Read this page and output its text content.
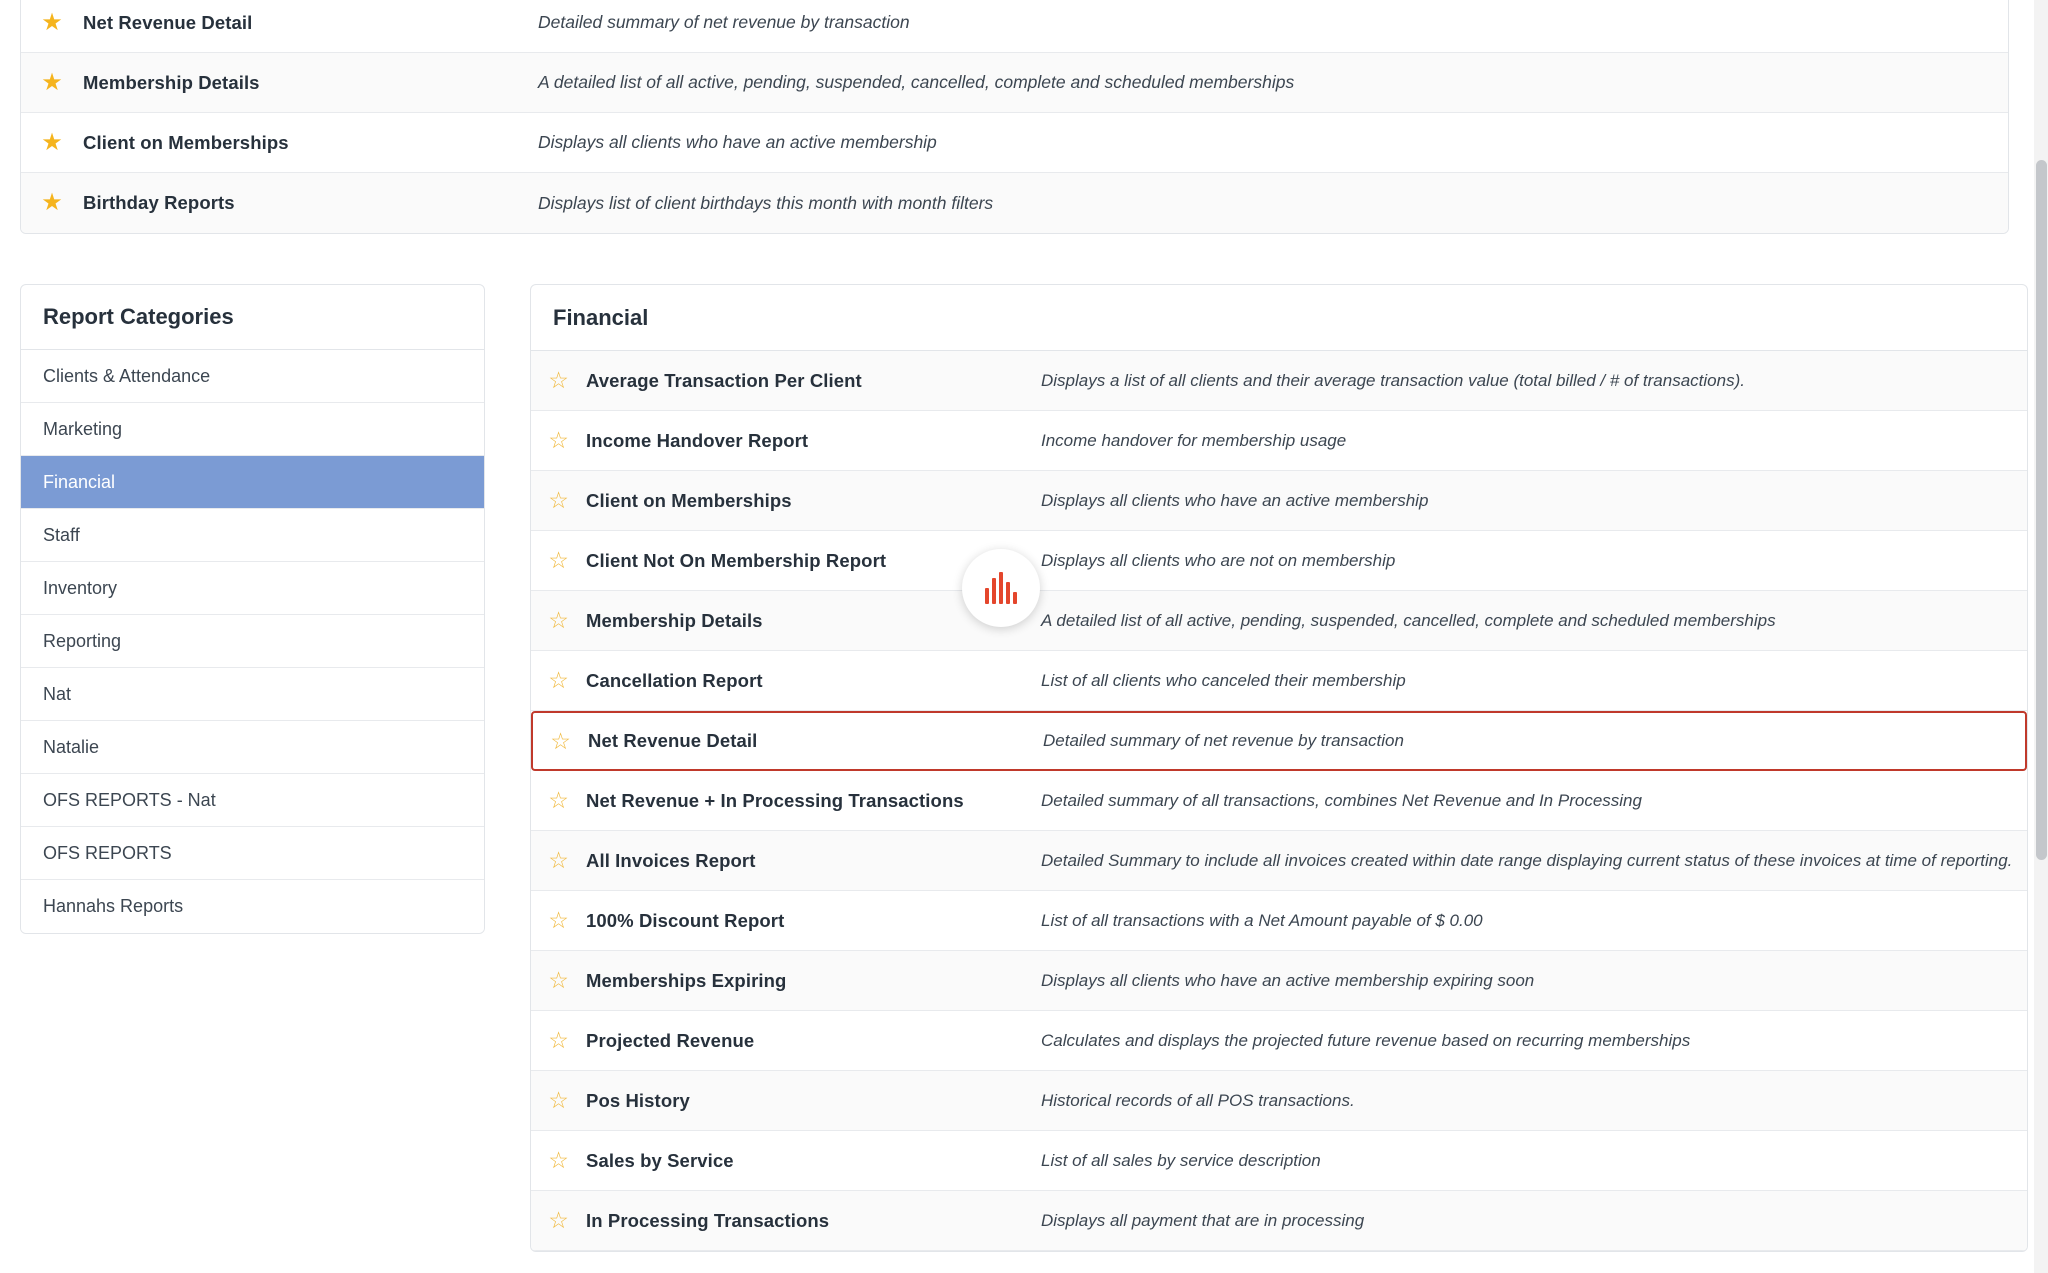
★	Net Revenue Detail	Detailed summary of net revenue by transaction
★	Membership Details	A detailed list of all active, pending, suspended, cancelled, complete and scheduled memberships
★	Client on Memberships	Displays all clients who have an active membership
★	Birthday Reports	Displays list of client birthdays this month with month filters
Report Categories
Clients & Attendance
Marketing
Financial
Staff
Inventory
Reporting
Nat
Natalie
OFS REPORTS - Nat
OFS REPORTS
Hannahs Reports
Financial
☆ Average Transaction Per Client	Displays a list of all clients and their average transaction value (total billed / # of transactions).
☆ Income Handover Report	Income handover for membership usage
☆ Client on Memberships	Displays all clients who have an active membership
☆ Client Not On Membership Report	Displays all clients who are not on membership
☆ Membership Details	A detailed list of all active, pending, suspended, cancelled, complete and scheduled memberships
☆ Cancellation Report	List of all clients who canceled their membership
☆ Net Revenue Detail	Detailed summary of net revenue by transaction
☆ Net Revenue + In Processing Transactions	Detailed summary of all transactions, combines Net Revenue and In Processing
☆ All Invoices Report	Detailed Summary to include all invoices created within date range displaying current status of these invoices at time of reporting.
☆ 100% Discount Report	List of all transactions with a Net Amount payable of $ 0.00
☆ Memberships Expiring	Displays all clients who have an active membership expiring soon
☆ Projected Revenue	Calculates and displays the projected future revenue based on recurring memberships
☆ Pos History	Historical records of all POS transactions.
☆ Sales by Service	List of all sales by service description
☆ In Processing Transactions	Displays all payment that are in processing
